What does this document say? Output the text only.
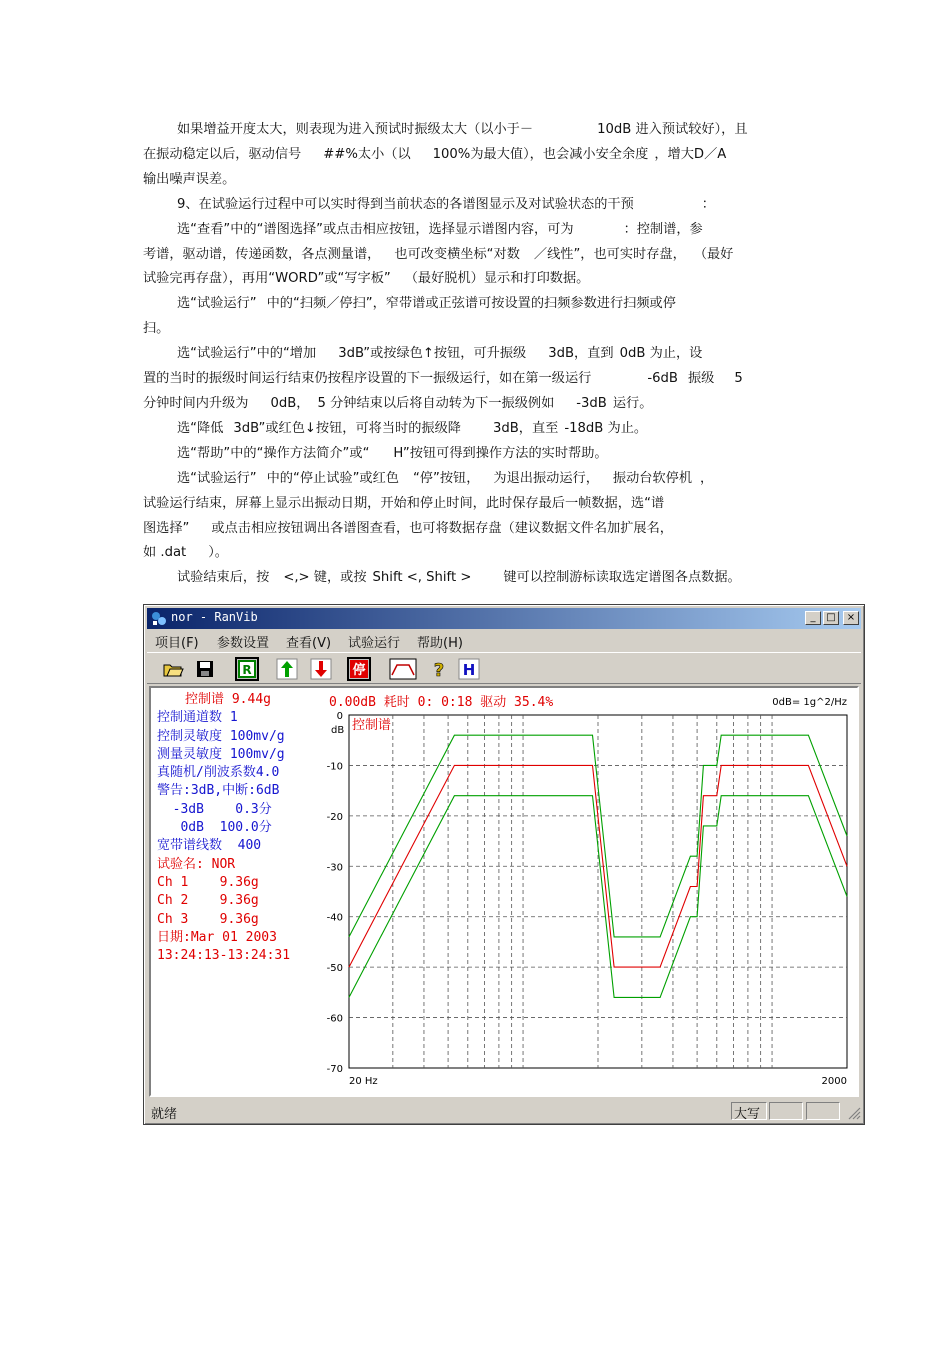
如果增益开度太大，则表现为进入预试时振级太大（以小于－	10dB 进入预试较好），且

在振动稳定以后，驱动信号 ##%太小（以 100%为最大值），也会减小安全余度 ，增大D／A

输出噪声误差。

9、在试验运行过程中可以实时得到当前状态的各谱图显示及对试验状态的干预	：

选“查看”中的“谱图选择”或点击相应按钮，选择显示谱图内容，可为	：控制谱，参

考谱，驱动谱，传递函数，各点测量谱， 也可改变横坐标“对数 ／线性”，也可实时存盘， （最好

试验完再存盘），再用“WORD”或“写字板” （最好脱机）显示和打印数据。

选“试验运行” 中的“扫频／停扫”，窄带谱或正弦谱可按设置的扫频参数进行扫频或停

扫。

选“试验运行”中的“增加 3dB”或按绿色↑按钮，可升振级 3dB，直到 0dB 为止，设

置的当时的振级时间运行结束仍按程序设置的下一振级运行，如在第一级运行	-6dB 振级 5

分钟时间内升级为 0dB， 5 分钟结束以后将自动转为下一振级例如 -3dB 运行。

选“降低 3dB”或红色↓按钮，可将当时的振级降 3dB，直至 -18dB 为止。

选“帮助”中的“操作方法简介”或“ H”按钮可得到操作方法的实时帮助。

选“试验运行” 中的“停止试验”或红色 “停”按钮， 为退出振动运行， 振动台软停机 ，

试验运行结束，屏幕上显示出振动日期，开始和停止时间，此时保存最后一帧数据，选“谱

图选择” 或点击相应按钮调出各谱图查看，也可将数据存盘（建议数据文件名加扩展名，

如 .dat ）。

试验结束后，按 <,> 键，或按 Shift <, Shift > 键可以控制游标读取选定谱图各点数据。

nor - RanVib	_	□	×
项目(F) 参数设置 查看(V) 试验运行 帮助(H)
R	停	? H
控制谱 9.44g
控制通道数 1
控制灵敏度 100mv/g
测量灵敏度 100mv/g
真随机/削波系数4.0
警告:3dB,中断:6dB
-3dB    0.3分
0dB  100.0分
宽带谱线数  400
试验名: NOR
Ch 1    9.36g
Ch 2    9.36g
Ch 3    9.36g
日期:Mar 01 2003
13:24:13-13:24:31
0.00dB 耗时 0: 0:18 驱动 35.4%	0dB= 1g^2/Hz
0
-10
-20
-30
-40
-50
-60
-70
dB
20 Hz	2000
控制谱
就绪	大写
